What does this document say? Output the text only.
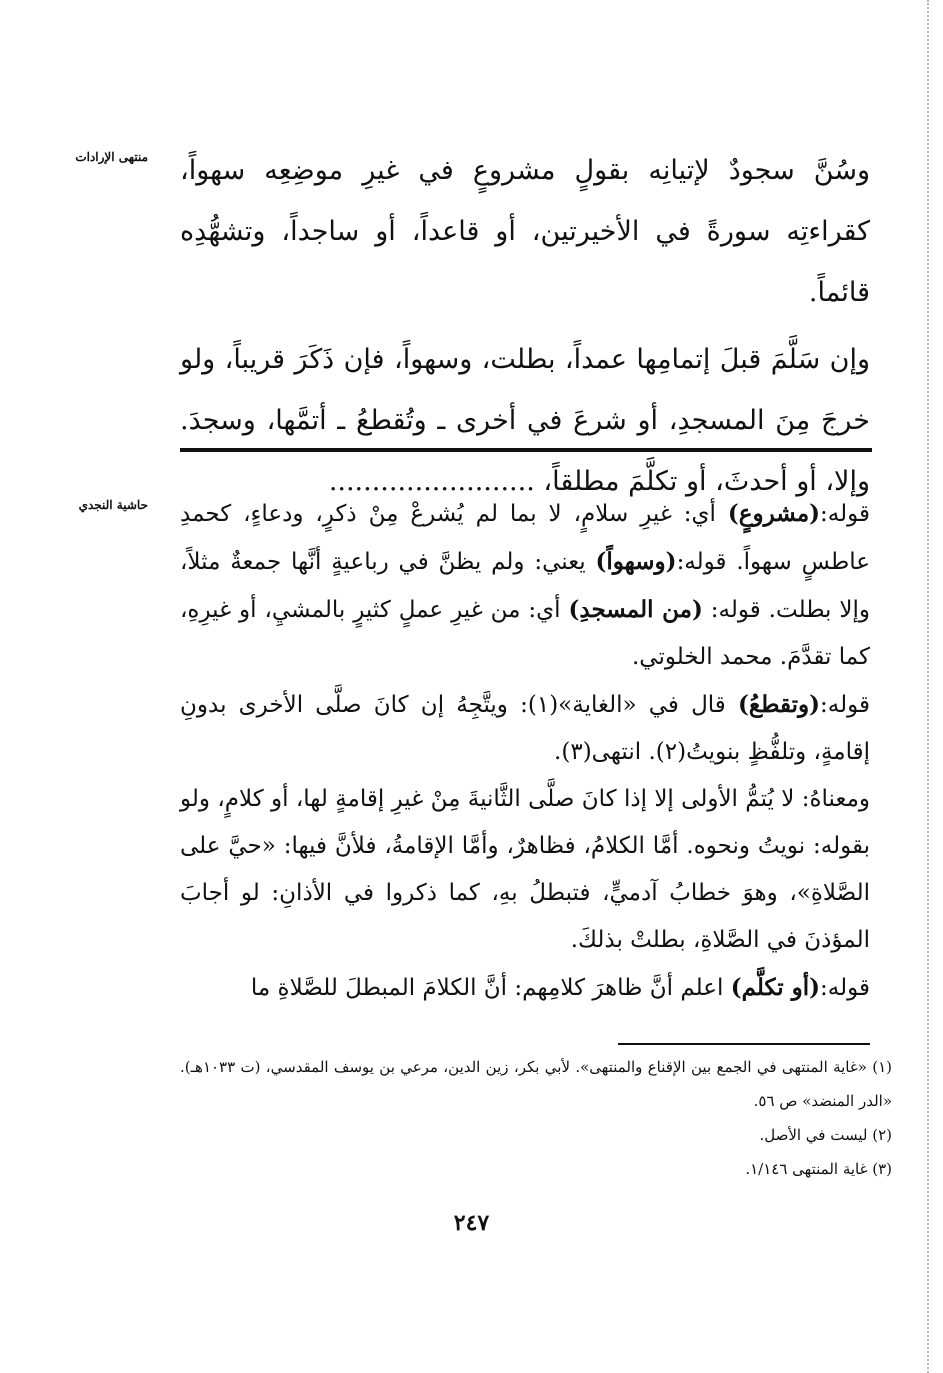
منتهى الإرادات
حاشية النجدي

وسُنَّ سجودٌ لإتيانِه بقولٍ مشروعٍ في غيرِ موضِعِه سهواً، كقراءتِه سورةً في الأخيرتين، أو قاعداً، أو ساجداً، وتشهُّدِه قائماً.

وإن سَلَّمَ قبلَ إتمامِها عمداً، بطلت، وسهواً، فإن ذَكَرَ قريباً، ولو خرجَ مِنَ المسجدِ، أو شرعَ في أخرى ـ وتُقطعُ ـ أتمَّها، وسجدَ. وإلا، أو أحدثَ، أو تكلَّمَ مطلقاً، ........................

قوله:(مشروعٍ) أي: غيرِ سلامٍ، لا بما لم يُشرعْ مِنْ ذكرٍ، ودعاءٍ، كحمدِ عاطسٍ سهواً. قوله:(وسهواً) يعني: ولم يظنَّ في رباعيةٍ أنَّها جمعةٌ مثلاً، وإلا بطلت. قوله: (من المسجدِ) أي: من غيرِ عملٍ كثيرٍ بالمشيِ، أو غيرِهِ، كما تقدَّمَ. محمد الخلوتي.

قوله:(وتقطعُ) قال في «الغاية»(١): ويتَّجِهُ إن كانَ صلَّى الأخرى بدونِ إقامةٍ، وتلفُّظٍ بنويتُ(٢). انتهى(٣).

ومعناهُ: لا يُتمُّ الأولى إلا إذا كانَ صلَّى الثَّانيةَ مِنْ غيرِ إقامةٍ لها، أو كلامٍ، ولو بقوله: نويتُ ونحوه. أمَّا الكلامُ، فظاهرٌ، وأمَّا الإقامةُ، فلأنَّ فيها: «حيَّ على الصَّلاةِ»، وهوَ خطابُ آدميٍّ، فتبطلُ بهِ، كما ذكروا في الأذانِ: لو أجابَ المؤذنَ في الصَّلاةِ، بطلتْ بذلكَ.

قوله:(أو تكلَّم) اعلم أنَّ ظاهرَ كلامِهم: أنَّ الكلامَ المبطلَ للصَّلاةِ ما

(١) «غاية المنتهى في الجمع بين الإقناع والمنتهى». لأبي بكر، زين الدين، مرعي بن يوسف المقدسي، (ت ١٠٣٣هـ). «الدر المنضد» ص ٥٦.

(٢) ليست في الأصل.

(٣) غاية المنتهى ١/١٤٦.

٢٤٧
